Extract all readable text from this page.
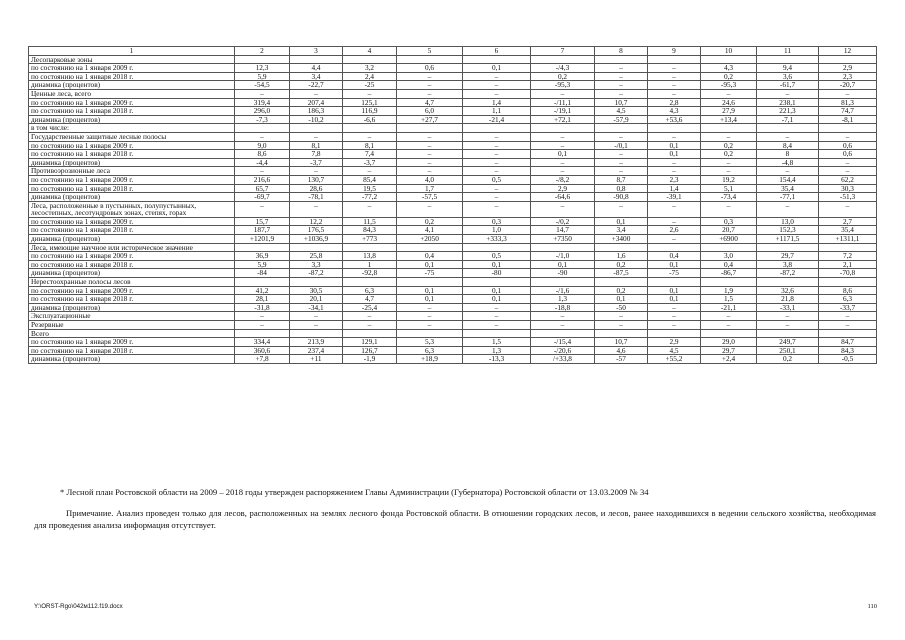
1	2	3	4	5	6	7	8	9	10	11	12
Лесопарковые зоны											
по состоянию на 1 января 2009 г.	12,3	4,4	3,2	0,6	0,1	-/4,3	–	–	4,3	9,4	2,9
по состоянию на 1 января 2018 г.	5,9	3,4	2,4	–	–	0,2	–	–	0,2	3,6	2,3
динамика (процентов)	-54,5	-22,7	-25	–	–	-95,3	–	–	-95,3	-61,7	-20,7
Ценные леса, всего	–	–	–	–	–	–	–	–	–	–	–
по состоянию на 1 января 2009 г.	319,4	207,4	125,1	4,7	1,4	-/11,1	10,7	2,8	24,6	238,1	81,3
по состоянию на 1 января 2018 г.	296,0	186,3	116,9	6,0	1,1	-/19,1	4,5	4,3	27,9	221,3	74,7
динамика (процентов)	-7,3	-10,2	-6,6	+27,7	-21,4	+72,1	-57,9	+53,6	+13,4	-7,1	-8,1
в том числе:											
Государственные защитные лесные полосы	–	–	–	–	–	–	–	–	–	–	–
по состоянию на 1 января 2009 г.	9,0	8,1	8,1	–	–	–	-/0,1	0,1	0,2	8,4	0,6
по состоянию на 1 января 2018 г.	8,6	7,8	7,4	–	–	0,1	–	0,1	0,2	8	0,6
динамика (процентов)	-4,4	-3,7	-3,7	–	–	–	–	–	–	-4,8	–
Противоэрозионные леса	–	–	–	–	–	–	–	–	–	–	–
по состоянию на 1 января 2009 г.	216,6	130,7	85,4	4,0	0,5	-/8,2	8,7	2,3	19,2	154,4	62,2
по состоянию на 1 января 2018 г.	65,7	28,6	19,5	1,7	–	2,9	0,8	1,4	5,1	35,4	30,3
динамика (процентов)	-69,7	-78,1	-77,2	-57,5	–	-64,6	-90,8	-39,1	-73,4	-77,1	-51,3
Леса, расположенные в пустынных, полупустынных, лесостепных, лесотундровых зонах, степях, горах	–	–	–	–	–	–	–	–	–	–	–
по состоянию на 1 января 2009 г.	15,7	12,2	11,5	0,2	0,3	-/0,2	0,1	–	0,3	13,0	2,7
по состоянию на 1 января 2018 г.	187,7	176,5	84,3	4,1	1,0	14,7	3,4	2,6	20,7	152,3	35,4
динамика (процентов)	+1201,9	+1036,9	+773	+2050	+333,3	+7350	+3400	–	+6900	+1171,5	+1311,1
Леса, имеющие научное или историческое значение											
по состоянию на 1 января 2009 г.	36,9	25,8	13,8	0,4	0,5	-/1,0	1,6	0,4	3,0	29,7	7,2
по состоянию на 1 января 2018 г.	5,9	3,3	1	0,1	0,1	0,1	0,2	0,1	0,4	3,8	2,1
динамика (процентов)	-84	-87,2	-92,8	-75	-80	-90	-87,5	-75	-86,7	-87,2	-70,8
Нерестоохранные полосы лесов											
по состоянию на 1 января 2009 г.	41,2	30,5	6,3	0,1	0,1	-/1,6	0,2	0,1	1,9	32,6	8,6
по состоянию на 1 января 2018 г.	28,1	20,1	4,7	0,1	0,1	1,3	0,1	0,1	1,5	21,8	6,3
динамика (процентов)	-31,8	-34,1	-25,4	–	–	-18,8	-50	–	-21,1	-33,1	-33,7
Эксплуатационные	–	–	–	–	–	–	–	–	–	–	–
Резервные	–	–	–	–	–	–	–	–	–	–	–
Всего											
по состоянию на 1 января 2009 г.	334,4	213,9	129,1	5,3	1,5	-/15,4	10,7	2,9	29,0	249,7	84,7
по состоянию на 1 января 2018 г.	360,6	237,4	126,7	6,3	1,3	-/20,6	4,6	4,5	29,7	250,1	84,3
динамика (процентов)	+7,8	+11	-1,9	+18,9	-13,3	/+33,8	-57	+55,2	+2,4	0,2	-0,5
* Лесной план Ростовской области на 2009 – 2018 годы утвержден распоряжением Главы Администрации (Губернатора) Ростовской области от 13.03.2009 № 34
Примечание. Анализ проведен только для лесов, расположенных на землях лесного фонда Ростовской области. В отношении городских лесов, и лесов, ранее находившихся в ведении сельского хозяйства, необходимая для проведения анализа информация отсутствует.
Y:\ORST-Rgo\042м112.f19.docx	110
